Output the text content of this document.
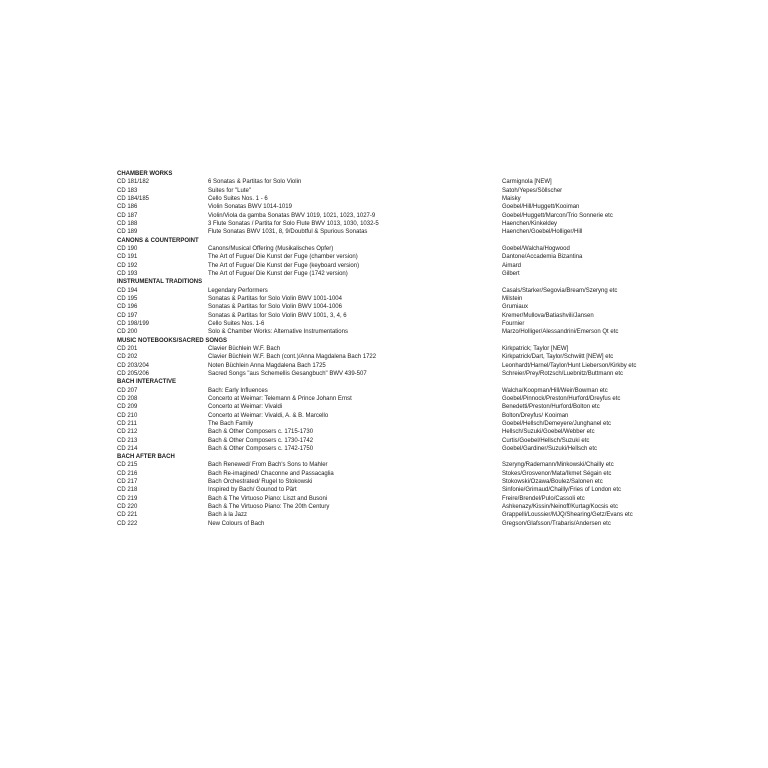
CHAMBER WORKS
CD 181/182	6 Sonatas & Partitas for Solo Violin	Carmignola [NEW]
CD 183	Suites for "Lute"	Satoh/Yepes/Söllscher
CD 184/185	Cello Suites Nos. 1 - 6	Maisky
CD 186	Violin Sonatas BWV 1014-1019	Goebel/Hill/Huggett/Kooiman
CD 187	Violin/Viola da gamba Sonatas BWV 1019, 1021, 1023, 1027-9	Goebel/Huggett/Marcon/Trio Sonnerie etc
CD 188	3 Flute Sonatas / Partita for Solo Flute BWV 1013, 1030, 1032-5	Haenchen/Kinkeldey
CD 189	Flute Sonatas BWV 1031, 8, 9/Doubtful & Spurious Sonatas	Haenchen/Goebel/Holliger/Hill
CANONS & COUNTERPOINT
CD 190	Canons/Musical Offering (Musikalisches Opfer)	Goebel/Walcha/Hogwood
CD 191	The Art of Fugue/ Die Kunst der Fuge (chamber version)	Dantone/Accademia Bizantina
CD 192	The Art of Fugue/ Die Kunst der Fuge (keyboard version)	Aimard
CD 193	The Art of Fugue/ Die Kunst der Fuge (1742 version)	Gilbert
INSTRUMENTAL TRADITIONS
CD 194	Legendary Performers	Casals/Starker/Segovia/Bream/Szeryng etc
CD 195	Sonatas & Partitas for Solo Violin BWV 1001-1004	Milstein
CD 196	Sonatas & Partitas for Solo Violin BWV 1004-1006	Grumiaux
CD 197	Sonatas & Partitas for Solo Violin BWV 1001, 3, 4, 6	Kremer/Mullova/Batiashvili/Jansen
CD 198/199	Cello Suites Nos. 1-6	Fournier
CD 200	Solo & Chamber Works: Alternative Instrumentations	Marzo/Holliger/Alessandrini/Emerson Qt etc
MUSIC NOTEBOOKS/SACRED SONGS
CD 201	Clavier Büchlein W.F. Bach	Kirkpatrick; Taylor [NEW]
CD 202	Clavier Büchlein W.F. Bach (cont.)/Anna Magdalena Bach 1722	Kirkpatrick/Dart, Taylor/Schwiitt [NEW] etc
CD 203/204	Noten Büchlein Anna Magdalena Bach 1725	Leonhardt/Harnel/Taylor/Hunt Lieberson/Kirkby etc
CD 205/206	Sacred Songs "aus Schemellis Gesangbuch" BWV 439-507	Schreier/Prey/Rotzsch/Luebnitz/Buttmann etc
BACH INTERACTIVE
CD 207	Bach: Early Influences	Walcha/Koopman/Hill/Weir/Bowman etc
CD 208	Concerto at Weimar: Telemann & Prince Johann Ernst	Goebel/Pinnock/Preston/Hurford/Dreyfus etc
CD 209	Concerto at Weimar: Vivaldi	Benedetti/Preston/Hurford/Bolton etc
CD 210	Concerto at Weimar: Vivaldi, A. & B. Marcello	Bolton/Dreyfus/ Kooiman
CD 211	The Bach Family	Goebel/Hellsch/Demeyere/Junghanel etc
CD 212	Bach & Other Composers c. 1715-1730	Hellsch/Suzuki/Goebel/Webber etc
CD 213	Bach & Other Composers c. 1730-1742	Curtis/Goebel/Hellsch/Suzuki etc
CD 214	Bach & Other Composers c. 1742-1750	Goebel/Gardiner/Suzuki/Hellsch etc
BACH AFTER BACH
CD 215	Bach Renewed/ From Bach's Sons to Mahler	Szeryng/Rademann/Minkowski/Chailly etc
CD 216	Bach Re-imagined/ Chaconne and Passacaglia	Stokes/Grosvenor/Mata/Ikmet Ségain etc
CD 217	Bach Orchestrated/ Rugel to Stokowski	Stokowski/Ozawa/Boulez/Salonen etc
CD 218	Inspired by Bach/ Gounod to Pärt	Sinfonie/Grimaud/Chailly/Fries of London etc
CD 219	Bach & The Virtuoso Piano: Liszt and Busoni	Freire/Brendel/Pulo/Cassoli etc
CD 220	Bach & The Virtuoso Piano: The 20th Century	Ashkenazy/Kissin/Neinoff/Kurtag/Kocsis etc
CD 221	Bach à la Jazz	Grappelli/Loussier/MJQ/Shearing/Getz/Evans etc
CD 222	New Colours of Bach	Gregson/Glafsson/Trabaris/Andersen etc
